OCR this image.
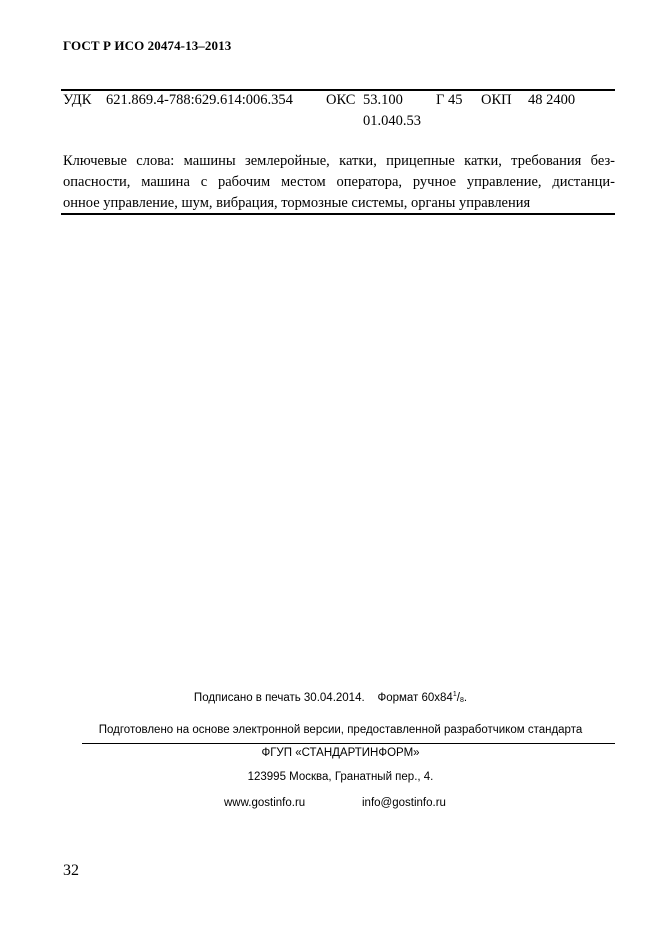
ГОСТ Р ИСО 20474-13–2013
УДК 621.869.4-788:629.614:006.354 ОКС 53.100
01.040.53
Г 45 ОКП 48 2400
Ключевые слова: машины землеройные, катки, прицепные катки, требования без-
опасности, машина с рабочим местом оператора, ручное управление, дистанци-
онное управление, шум, вибрация, тормозные системы, органы управления
Подписано в печать 30.04.2014. Формат $60x84^1/_8$.
Подготовлено на основе электронной версии, предоставленной разработчиком стандарта
ФГУП «СТАНДАРТИНФОРМ»
123995 Москва, Гранатный пер., 4.
www.gostinfo.ru	info@gostinfo.ru
32
